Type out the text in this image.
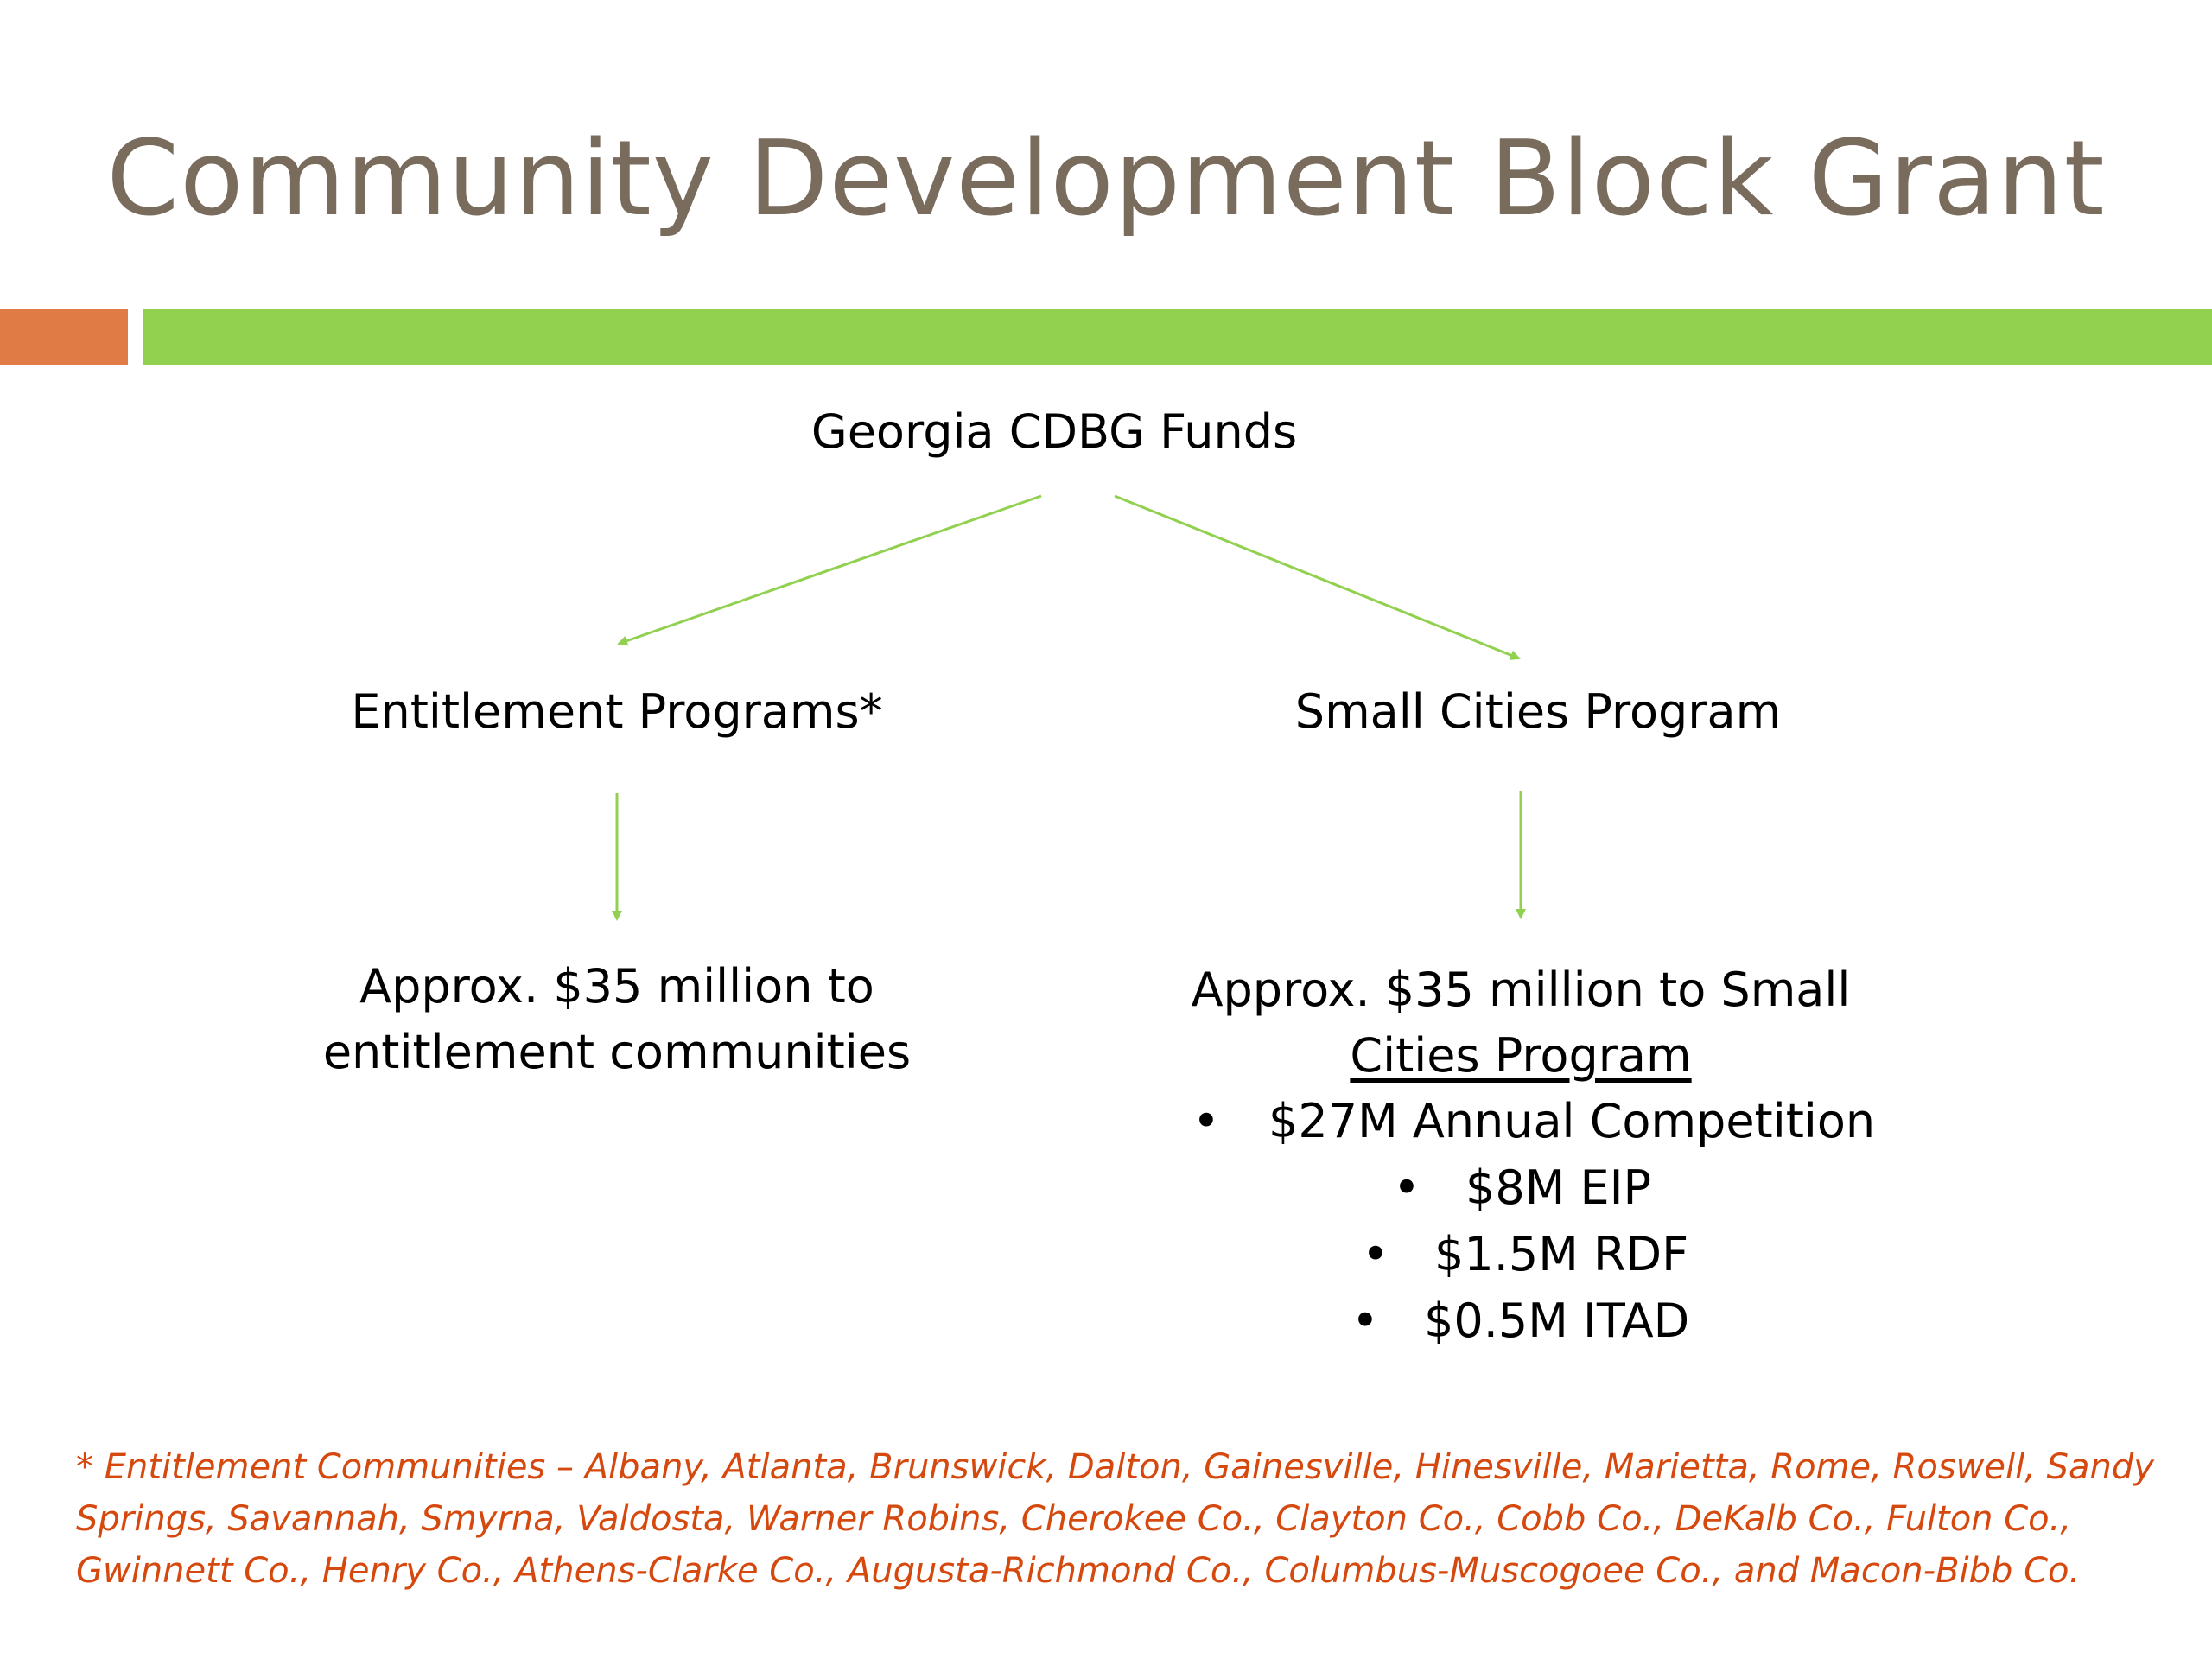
Community Development Block Grant
Georgia CDBG Funds
Entitlement Programs*	Small Cities Program
Approx. $35 million to
entitlement communities
Approx. $35 million to Small
Cities Program
• $27M Annual Competition
• $8M EIP
• $1.5M RDF
• $0.5M ITAD
* Entitlement Communities – Albany, Atlanta, Brunswick, Dalton, Gainesville, Hinesville, Marietta, Rome, Roswell, Sandy Springs, Savannah, Smyrna, Valdosta, Warner Robins, Cherokee Co., Clayton Co., Cobb Co., DeKalb Co., Fulton Co., Gwinnett Co., Henry Co., Athens-Clarke Co., Augusta-Richmond Co., Columbus-Muscogoee Co., and Macon-Bibb Co.
